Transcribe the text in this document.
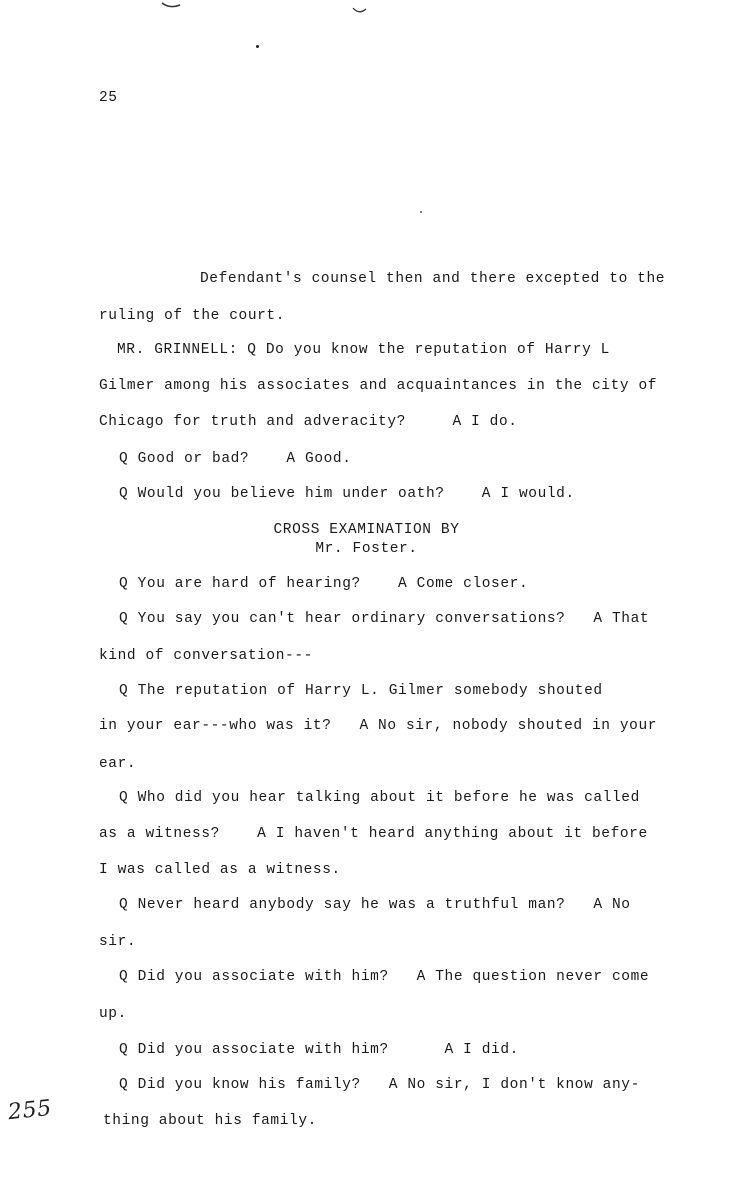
25
Defendant's counsel then and there excepted to the
ruling of the court.
MR. GRINNELL: Q Do you know the reputation of Harry L
Gilmer among his associates and acquaintances in the city of
Chicago for truth and adveracity?     A I do.
Q Good or bad?    A Good.
Q Would you believe him under oath?    A I would.
CROSS EXAMINATION BY
Mr. Foster.
Q You are hard of hearing?    A Come closer.
Q You say you can't hear ordinary conversations?   A That
kind of conversation---
Q The reputation of Harry L. Gilmer somebody shouted
in your ear---who was it?   A No sir, nobody shouted in your
ear.
Q Who did you hear talking about it before he was called
as a witness?    A I haven't heard anything about it before
I was called as a witness.
Q Never heard anybody say he was a truthful man?   A No
sir.
Q Did you associate with him?   A The question never come
up.
Q Did you associate with him?      A I did.
Q Did you know his family?   A No sir, I don't know any-
thing about his family.
255
